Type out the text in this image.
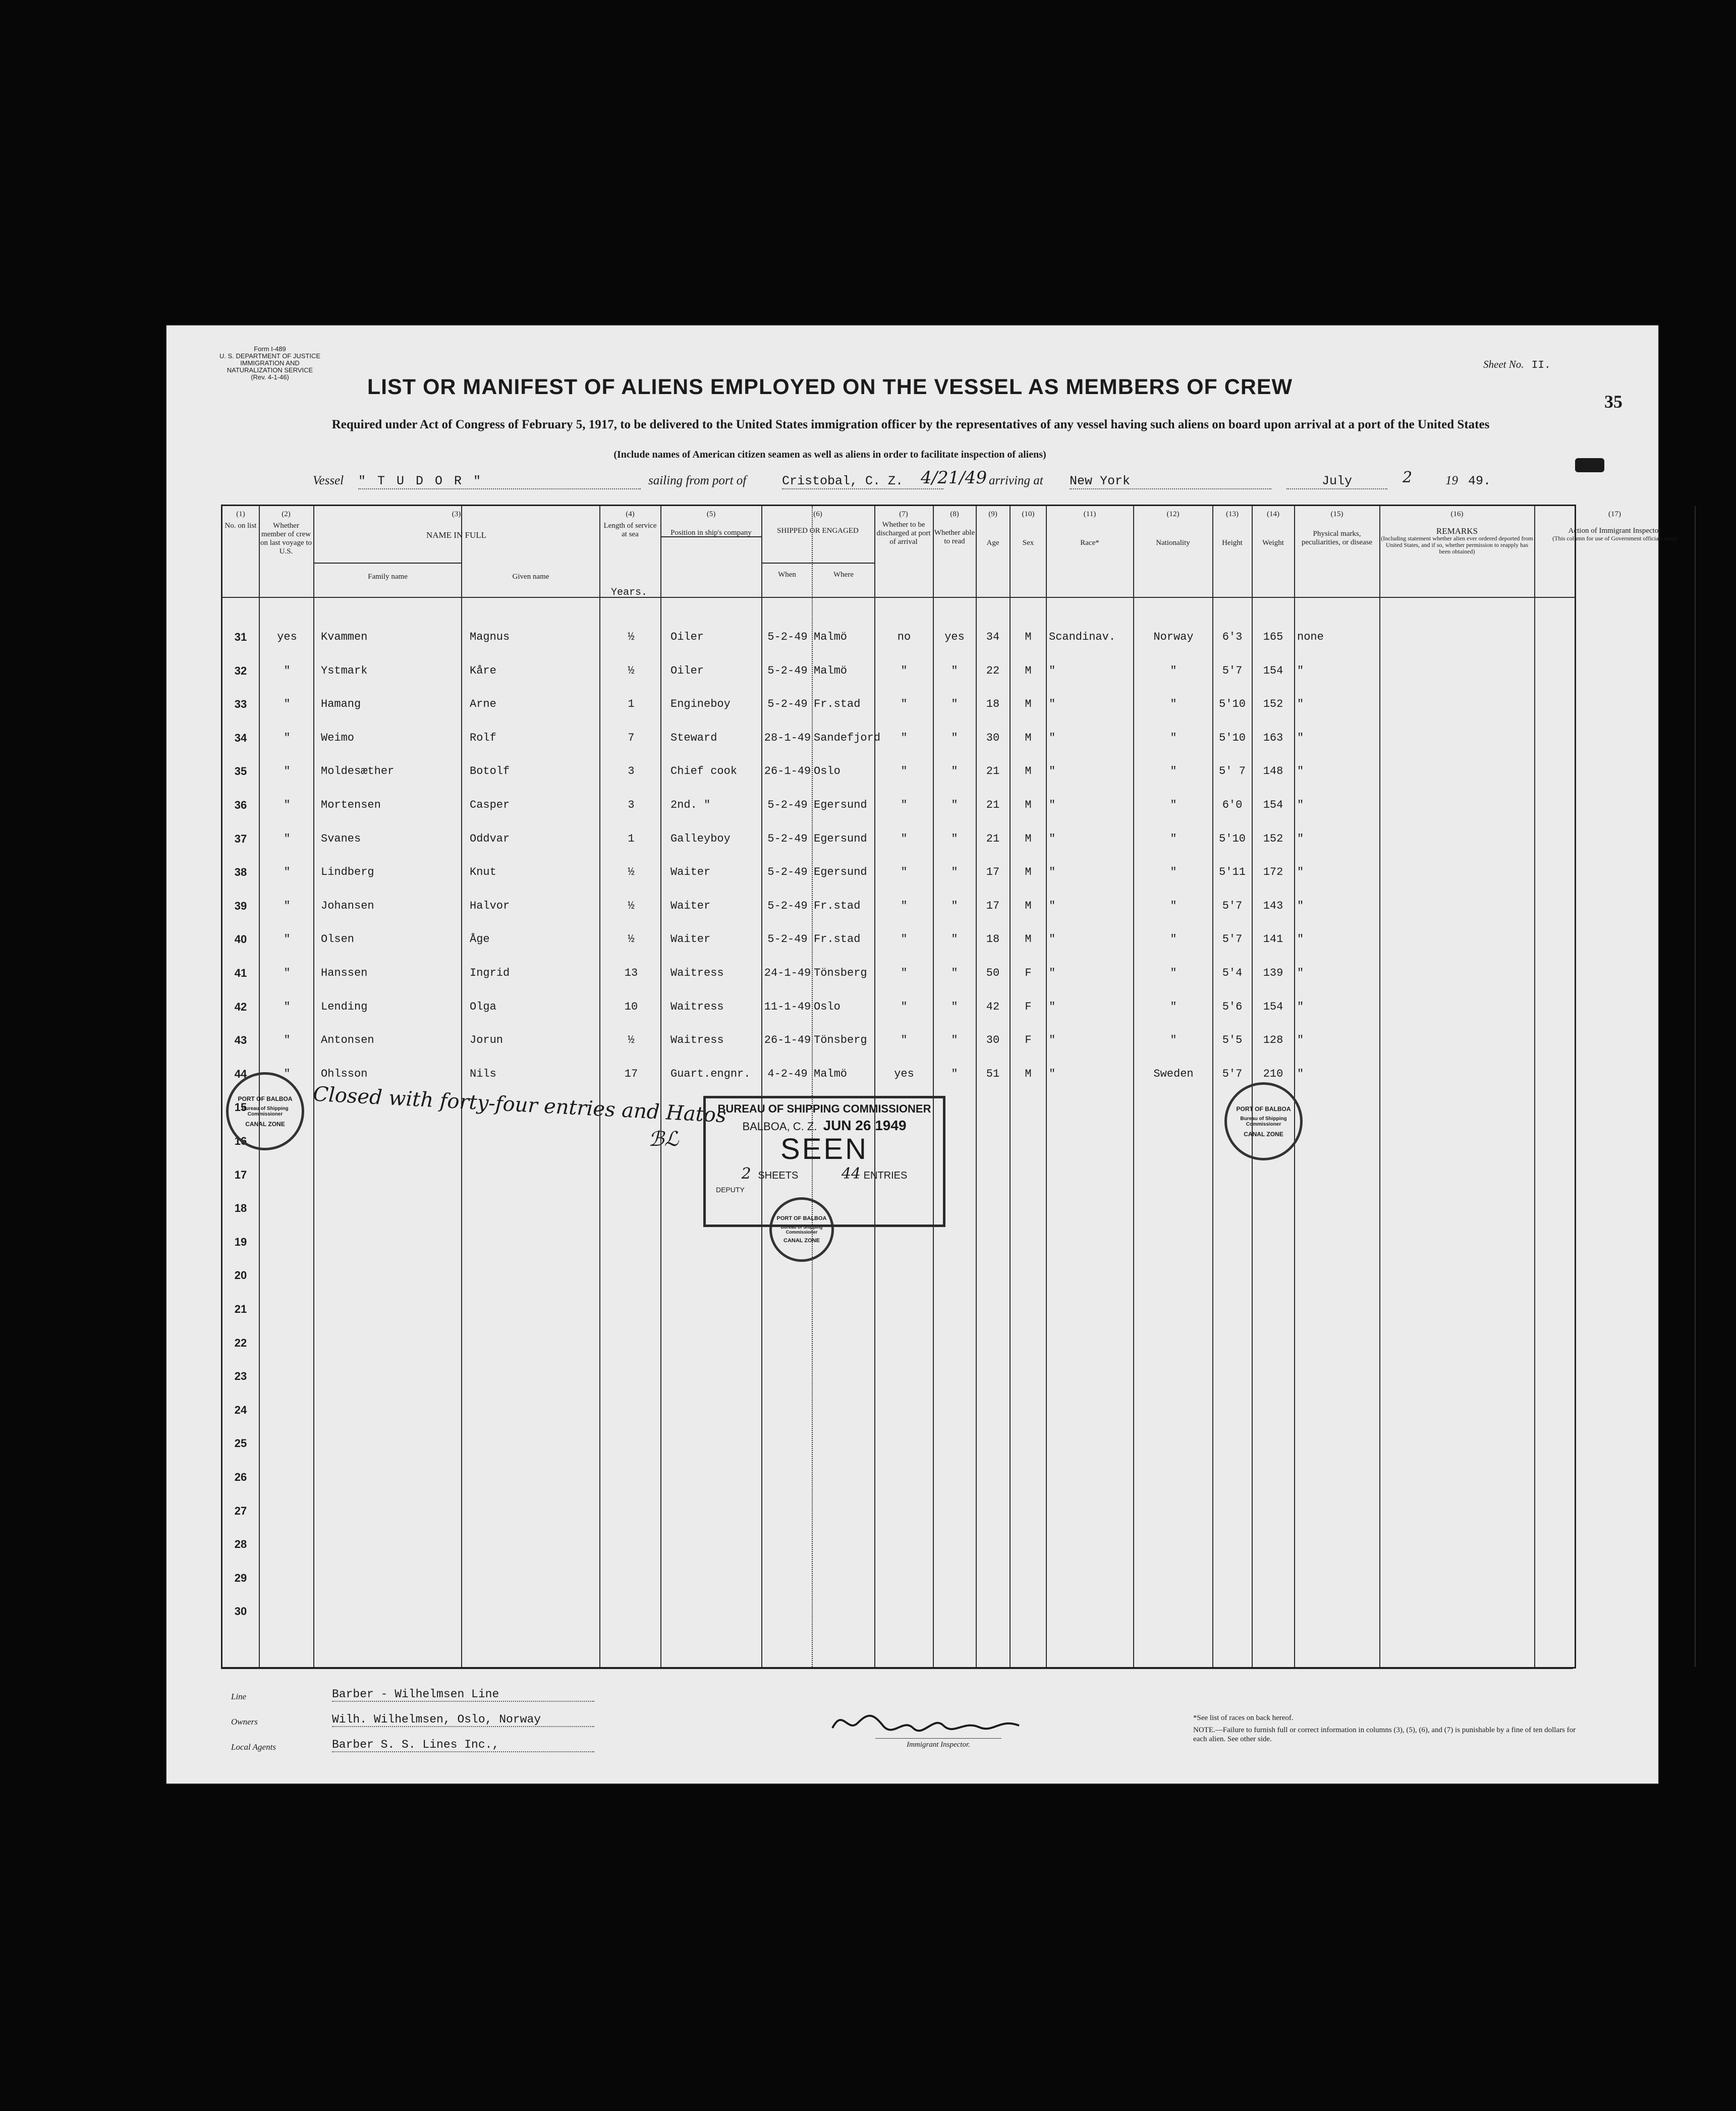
Form I-489
U. S. DEPARTMENT OF JUSTICE
IMMIGRATION AND NATURALIZATION SERVICE
(Rev. 4-1-46)
Sheet No. II.
35
LIST OR MANIFEST OF ALIENS EMPLOYED ON THE VESSEL AS MEMBERS OF CREW
Required under Act of Congress of February 5, 1917, to be delivered to the United States immigration officer by the representatives of any vessel having such aliens on board upon arrival at a port of the United States
(Include names of American citizen seamen as well as aliens in order to facilitate inspection of aliens)
Vessel " T U D O R "	sailing from port of	Cristobal, C. Z.	4/21/49 arriving at New York	July	2	19 49.
(1)
No. on list
(2)
Whether member of crew on last voyage to U.S.
(3)
NAME IN FULL
Family name	Given name
(4)
Length of service at sea
Years.
(5)
Position in ship's company
(6)
SHIPPED OR ENGAGED
When	Where
(7)
Whether to be discharged at port of arrival
(8)
Whether able to read
(9)
Age
(10)
Sex
(11)
Race*
(12)
Nationality
(13)
Height
(14)
Weight
(15)
Physical marks, peculiarities, or disease
(16)
REMARKS
(Including statement whether alien ever ordered deported from United States, and if so, whether permission to reapply has been obtained)
(17)
Action of Immigrant Inspector
(This column for use of Government officials only)
31	yes	Kvammen	Magnus	½	Oiler	5-2-49 Malmö	no	yes	34	M	Scandinav.	Norway	6'3	165	none
32	"	Ystmark	Kåre	½	Oiler	5-2-49 Malmö	"	"	22	M	"	"	5'7	154	"
33	"	Hamang	Arne	1	Engineboy	5-2-49 Fr.stad	"	"	18	M	"	"	5'10	152	"
34	"	Weimo	Rolf	7	Steward	28-1-49 Sandefjord	"	"	30	M	"	"	5'10	163	"
35	"	Moldesæther	Botolf	3	Chief cook	26-1-49 Oslo	"	"	21	M	"	"	5' 7	148	"
36	"	Mortensen	Casper	3	2nd. "	5-2-49 Egersund	"	"	21	M	"	"	6'0	154	"
37	"	Svanes	Oddvar	1	Galleyboy	5-2-49 Egersund	"	"	21	M	"	"	5'10	152	"
38	"	Lindberg	Knut	½	Waiter	5-2-49 Egersund	"	"	17	M	"	"	5'11	172	"
39	"	Johansen	Halvor	½	Waiter	5-2-49 Fr.stad	"	"	17	M	"	"	5'7	143	"
40	"	Olsen	Åge	½	Waiter	5-2-49 Fr.stad	"	"	18	M	"	"	5'7	141	"
41	"	Hanssen	Ingrid	13	Waitress	24-1-49 Tönsberg	"	"	50	F	"	"	5'4	139	"
42	"	Lending	Olga	10	Waitress	11-1-49 Oslo	"	"	42	F	"	"	5'6	154	"
43	"	Antonsen	Jorun	½	Waitress	26-1-49 Tönsberg	"	"	30	F	"	"	5'5	128	"
44	"	Ohlsson	Nils	17	Guart.engnr.	4-2-49 Malmö	yes	"	51	M	"	Sweden	5'7	210	"
15
16
17
18
19
20
21
22
23
24
25
26
27
28
29
30
PORT OF BALBOA
Bureau of Shipping Commissioner
CANAL ZONE
PORT OF BALBOA
Bureau of Shipping Commissioner
CANAL ZONE
PORT OF BALBOA
Bureau of Shipping Commissioner
CANAL ZONE
Closed with forty-four entries and Hatos
ℬℒ
BUREAU OF SHIPPING COMMISSIONER
BALBOA, C. Z. JUN 26 1949
SEEN
2 SHEETS	44 ENTRIES
DEPUTY
Line	Barber - Wilhelmsen Line
Owners	Wilh. Wilhelmsen, Oslo, Norway
Local Agents	Barber S. S. Lines Inc.,	Immigrant Inspector.
*See list of races on back hereof.
NOTE.—Failure to furnish full or correct information in columns (3), (5), (6), and (7) is punishable by a fine of ten dollars for each alien. See other side.
